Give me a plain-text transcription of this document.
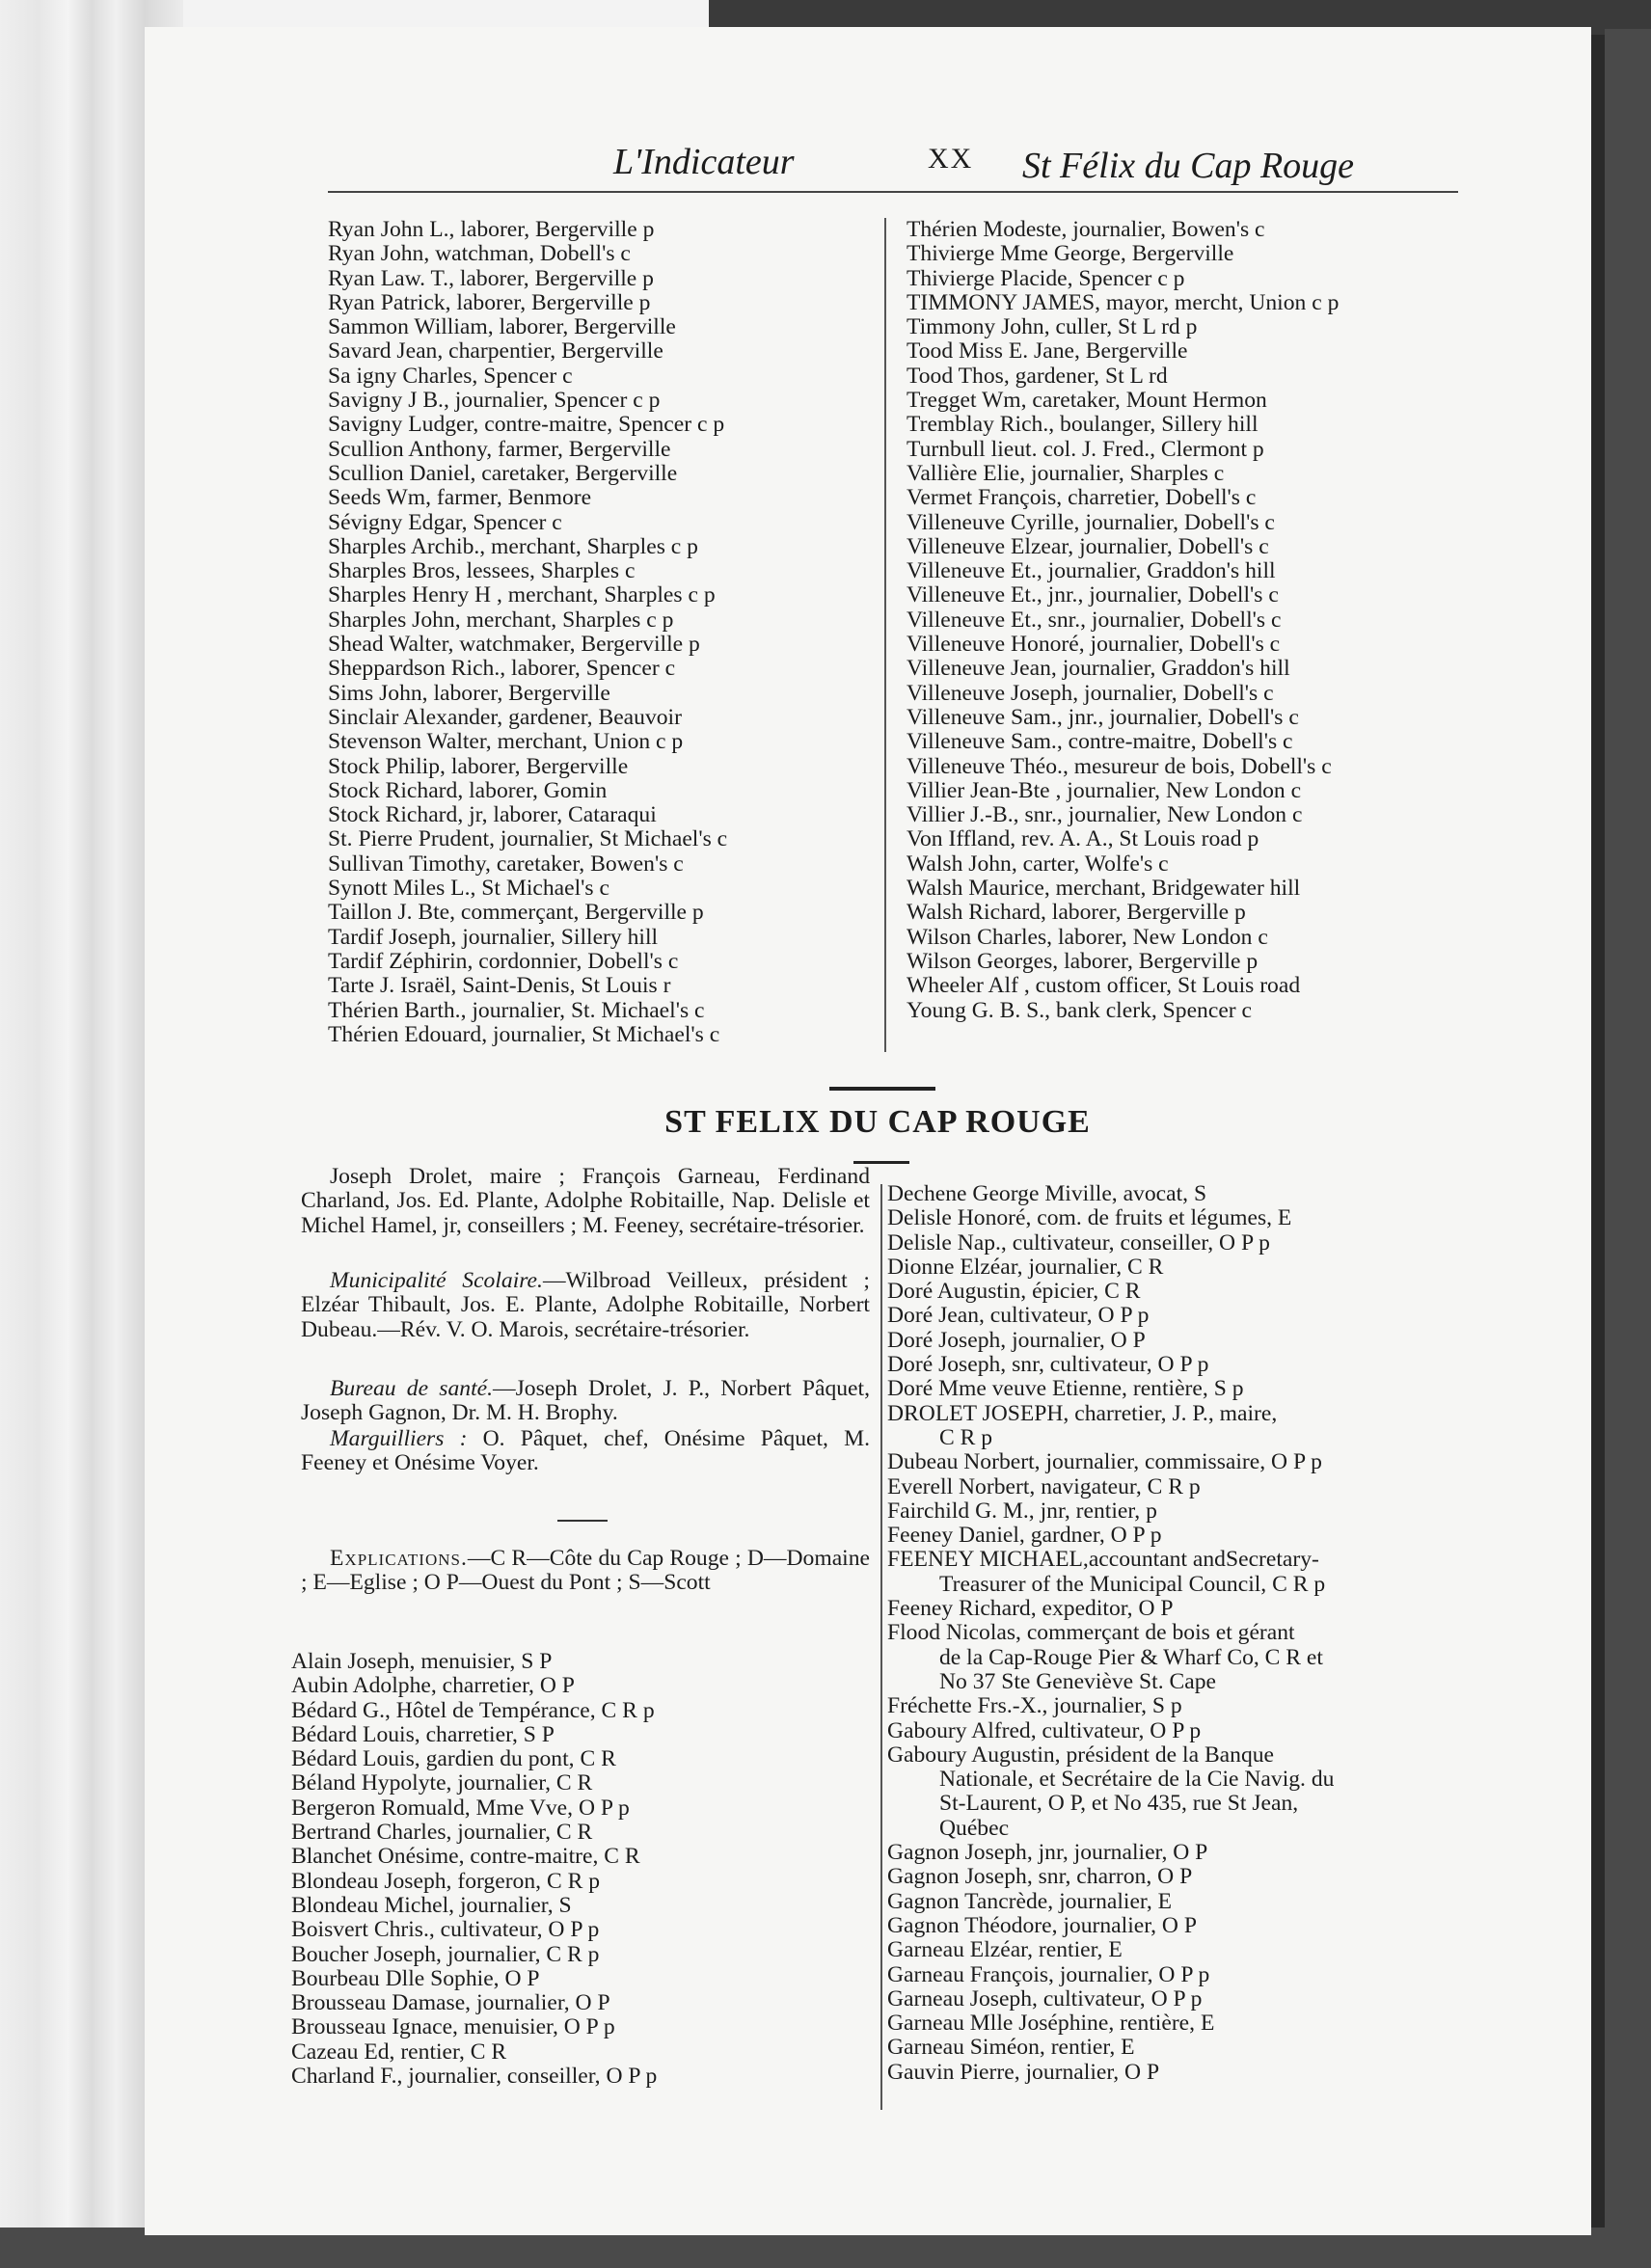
L'Indicateur	XX St Félix du Cap Rouge
Ryan John L., laborer, Bergerville p
Ryan John, watchman, Dobell's c
Ryan Law. T., laborer, Bergerville p
Ryan Patrick, laborer, Bergerville p
Sammon William, laborer, Bergerville
Savard Jean, charpentier, Bergerville
Sa igny Charles, Spencer c
Savigny J B., journalier, Spencer c p
Savigny Ludger, contre-maitre, Spencer c p
Scullion Anthony, farmer, Bergerville
Scullion Daniel, caretaker, Bergerville
Seeds Wm, farmer, Benmore
Sévigny Edgar, Spencer c
Sharples Archib., merchant, Sharples c p
Sharples Bros, lessees, Sharples c
Sharples Henry H , merchant, Sharples c p
Sharples John, merchant, Sharples c p
Shead Walter, watchmaker, Bergerville p
Sheppardson Rich., laborer, Spencer c
Sims John, laborer, Bergerville
Sinclair Alexander, gardener, Beauvoir
Stevenson Walter, merchant, Union c p
Stock Philip, laborer, Bergerville
Stock Richard, laborer, Gomin
Stock Richard, jr, laborer, Cataraqui
St. Pierre Prudent, journalier, St Michael's c
Sullivan Timothy, caretaker, Bowen's c
Synott Miles L., St Michael's c
Taillon J. Bte, commerçant, Bergerville p
Tardif Joseph, journalier, Sillery hill
Tardif Zéphirin, cordonnier, Dobell's c
Tarte J. Israël, Saint-Denis, St Louis r
Thérien Barth., journalier, St. Michael's c
Thérien Edouard, journalier, St Michael's c
Thérien Modeste, journalier, Bowen's c
Thivierge Mme George, Bergerville
Thivierge Placide, Spencer c p
TIMMONY JAMES, mayor, mercht, Union c p
Timmony John, culler, St L rd p
Tood Miss E. Jane, Bergerville
Tood Thos, gardener, St L rd
Tregget Wm, caretaker, Mount Hermon
Tremblay Rich., boulanger, Sillery hill
Turnbull lieut. col. J. Fred., Clermont p
Vallière Elie, journalier, Sharples c
Vermet François, charretier, Dobell's c
Villeneuve Cyrille, journalier, Dobell's c
Villeneuve Elzear, journalier, Dobell's c
Villeneuve Et., journalier, Graddon's hill
Villeneuve Et., jnr., journalier, Dobell's c
Villeneuve Et., snr., journalier, Dobell's c
Villeneuve Honoré, journalier, Dobell's c
Villeneuve Jean, journalier, Graddon's hill
Villeneuve Joseph, journalier, Dobell's c
Villeneuve Sam., jnr., journalier, Dobell's c
Villeneuve Sam., contre-maitre, Dobell's c
Villeneuve Théo., mesureur de bois, Dobell's c
Villier Jean-Bte , journalier, New London c
Villier J.-B., snr., journalier, New London c
Von Iffland, rev. A. A., St Louis road p
Walsh John, carter, Wolfe's c
Walsh Maurice, merchant, Bridgewater hill
Walsh Richard, laborer, Bergerville p
Wilson Charles, laborer, New London c
Wilson Georges, laborer, Bergerville p
Wheeler Alf , custom officer, St Louis road
Young G. B. S., bank clerk, Spencer c
ST FELIX DU CAP ROUGE

Joseph Drolet, maire ; François Garneau, Ferdinand Charland, Jos. Ed. Plante, Adolphe Robitaille, Nap. Delisle et Michel Hamel, jr, conseillers ; M. Feeney, secrétaire-trésorier.

Municipalité Scolaire.—Wilbroad Veilleux, président ; Elzéar Thibault, Jos. E. Plante, Adolphe Robitaille, Norbert Dubeau.—Rév. V. O. Marois, secrétaire-trésorier.

Bureau de santé.—Joseph Drolet, J. P., Norbert Pâquet, Joseph Gagnon, Dr. M. H. Brophy.

Marguilliers : O. Pâquet, chef, Onésime Pâquet, M. Feeney et Onésime Voyer.

Explications.—C R—Côte du Cap Rouge ; D—Domaine ; E—Eglise ; O P—Ouest du Pont ; S—Scott

Alain Joseph, menuisier, S P
Aubin Adolphe, charretier, O P
Bédard G., Hôtel de Tempérance, C R p
Bédard Louis, charretier, S P
Bédard Louis, gardien du pont, C R
Béland Hypolyte, journalier, C R
Bergeron Romuald, Mme Vve, O P p
Bertrand Charles, journalier, C R
Blanchet Onésime, contre-maitre, C R
Blondeau Joseph, forgeron, C R p
Blondeau Michel, journalier, S
Boisvert Chris., cultivateur, O P p
Boucher Joseph, journalier, C R p
Bourbeau Dlle Sophie, O P
Brousseau Damase, journalier, O P
Brousseau Ignace, menuisier, O P p
Cazeau Ed, rentier, C R
Charland F., journalier, conseiller, O P p
Dechene George Miville, avocat, S
Delisle Honoré, com. de fruits et légumes, E
Delisle Nap., cultivateur, conseiller, O P p
Dionne Elzéar, journalier, C R
Doré Augustin, épicier, C R
Doré Jean, cultivateur, O P p
Doré Joseph, journalier, O P
Doré Joseph, snr, cultivateur, O P p
Doré Mme veuve Etienne, rentière, S p
DROLET JOSEPH, charretier, J. P., maire,
C R p
Dubeau Norbert, journalier, commissaire, O P p
Everell Norbert, navigateur, C R p
Fairchild G. M., jnr, rentier, p
Feeney Daniel, gardner, O P p
FEENEY MICHAEL,accountant andSecretary-
Treasurer of the Municipal Council, C R p
Feeney Richard, expeditor, O P
Flood Nicolas, commerçant de bois et gérant
de la Cap-Rouge Pier & Wharf Co, C R et
No 37 Ste Geneviève St. Cape
Fréchette Frs.-X., journalier, S p
Gaboury Alfred, cultivateur, O P p
Gaboury Augustin, président de la Banque
Nationale, et Secrétaire de la Cie Navig. du
St-Laurent, O P, et No 435, rue St Jean,
Québec
Gagnon Joseph, jnr, journalier, O P
Gagnon Joseph, snr, charron, O P
Gagnon Tancrède, journalier, E
Gagnon Théodore, journalier, O P
Garneau Elzéar, rentier, E
Garneau François, journalier, O P p
Garneau Joseph, cultivateur, O P p
Garneau Mlle Joséphine, rentière, E
Garneau Siméon, rentier, E
Gauvin Pierre, journalier, O P
